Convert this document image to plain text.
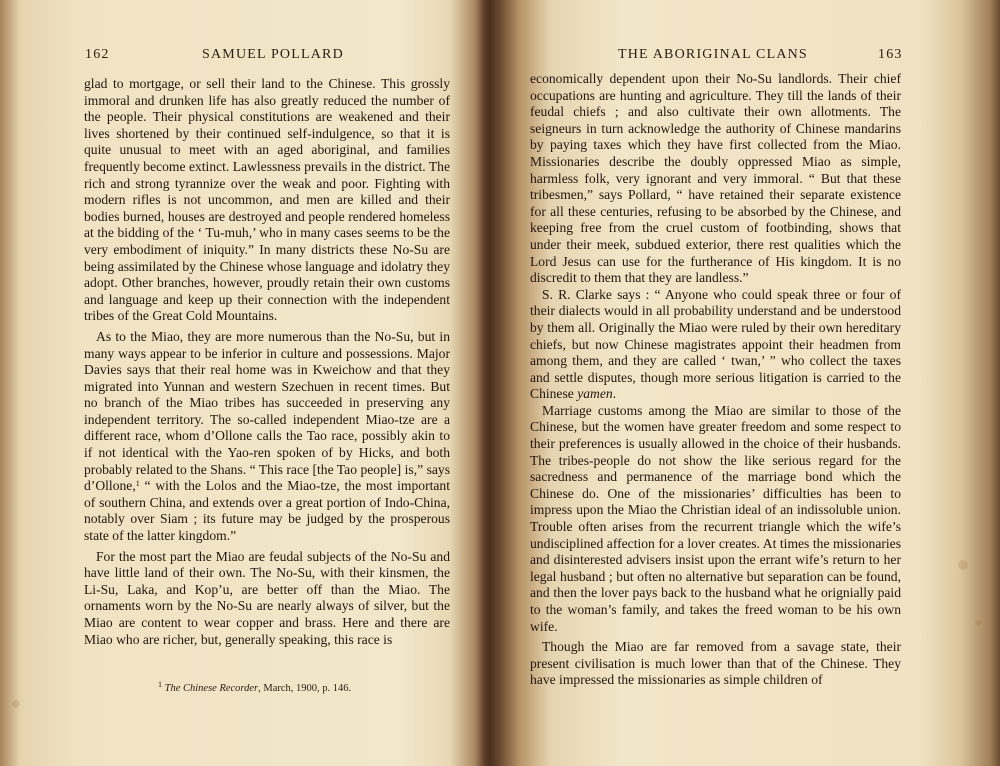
162	SAMUEL POLLARD

glad to mortgage, or sell their land to the Chinese. This grossly immoral and drunken life has also greatly reduced the number of the people. Their physical constitutions are weakened and their lives shortened by their continued self-indulgence, so that it is quite unusual to meet with an aged aboriginal, and families frequently become extinct. Lawlessness prevails in the district. The rich and strong tyrannize over the weak and poor. Fighting with modern rifles is not uncommon, and men are killed and their bodies burned, houses are destroyed and people rendered homeless at the bidding of the ‘ Tu-muh,’ who in many cases seems to be the very embodiment of iniquity.” In many districts these No-Su are being assimilated by the Chinese whose language and idolatry they adopt. Other branches, however, proudly retain their own customs and language and keep up their connection with the independent tribes of the Great Cold Mountains.

As to the Miao, they are more numerous than the No-Su, but in many ways appear to be inferior in culture and possessions. Major Davies says that their real home was in Kweichow and that they migrated into Yunnan and western Szechuen in recent times. But no branch of the Miao tribes has succeeded in preserving any independent territory. The so-called independent Miao-tze are a different race, whom d’Ollone calls the Tao race, possibly akin to if not identical with the Yao-ren spoken of by Hicks, and both probably related to the Shans. “ This race [the Tao people] is,” says d’Ollone,$^1$ “ with the Lolos and the Miao-tze, the most important of southern China, and extends over a great portion of Indo-China, notably over Siam ; its future may be judged by the prosperous state of the latter kingdom.”

For the most part the Miao are feudal subjects of the No-Su and have little land of their own. The No-Su, with their kinsmen, the Li-Su, Laka, and Kop’u, are better off than the Miao. The ornaments worn by the No-Su are nearly always of silver, but the Miao are content to wear copper and brass. Here and there are Miao who are richer, but, generally speaking, this race is

$^1$ The Chinese Recorder, March, 1900, p. 146.
THE ABORIGINAL CLANS	163

economically dependent upon their No-Su landlords. Their chief occupations are hunting and agriculture. They till the lands of their feudal chiefs ; and also cultivate their own allotments. The seigneurs in turn acknowledge the authority of Chinese mandarins by paying taxes which they have first collected from the Miao. Missionaries describe the doubly oppressed Miao as simple, harmless folk, very ignorant and very immoral. “ But that these tribesmen,” says Pollard, “ have retained their separate existence for all these centuries, refusing to be absorbed by the Chinese, and keeping free from the cruel custom of footbinding, shows that under their meek, subdued exterior, there rest qualities which the Lord Jesus can use for the furtherance of His kingdom. It is no discredit to them that they are landless.”

S. R. Clarke says : “ Anyone who could speak three or four of their dialects would in all probability understand and be understood by them all. Originally the Miao were ruled by their own hereditary chiefs, but now Chinese magistrates appoint their headmen from among them, and they are called ‘ twan,’ ” who collect the taxes and settle disputes, though more serious litigation is carried to the Chinese yamen.

Marriage customs among the Miao are similar to those of the Chinese, but the women have greater freedom and some respect to their preferences is usually allowed in the choice of their husbands. The tribes-people do not show the like serious regard for the sacredness and permanence of the marriage bond which the Chinese do. One of the missionaries’ difficulties has been to impress upon the Miao the Christian ideal of an indissoluble union. Trouble often arises from the recurrent triangle which the wife’s undisciplined affection for a lover creates. At times the missionaries and disinterested advisers insist upon the errant wife’s return to her legal husband ; but often no alternative but separation can be found, and then the lover pays back to the husband what he orignially paid to the woman’s family, and takes the freed woman to be his own wife.

Though the Miao are far removed from a savage state, their present civilisation is much lower than that of the Chinese. They have impressed the missionaries as simple children of
